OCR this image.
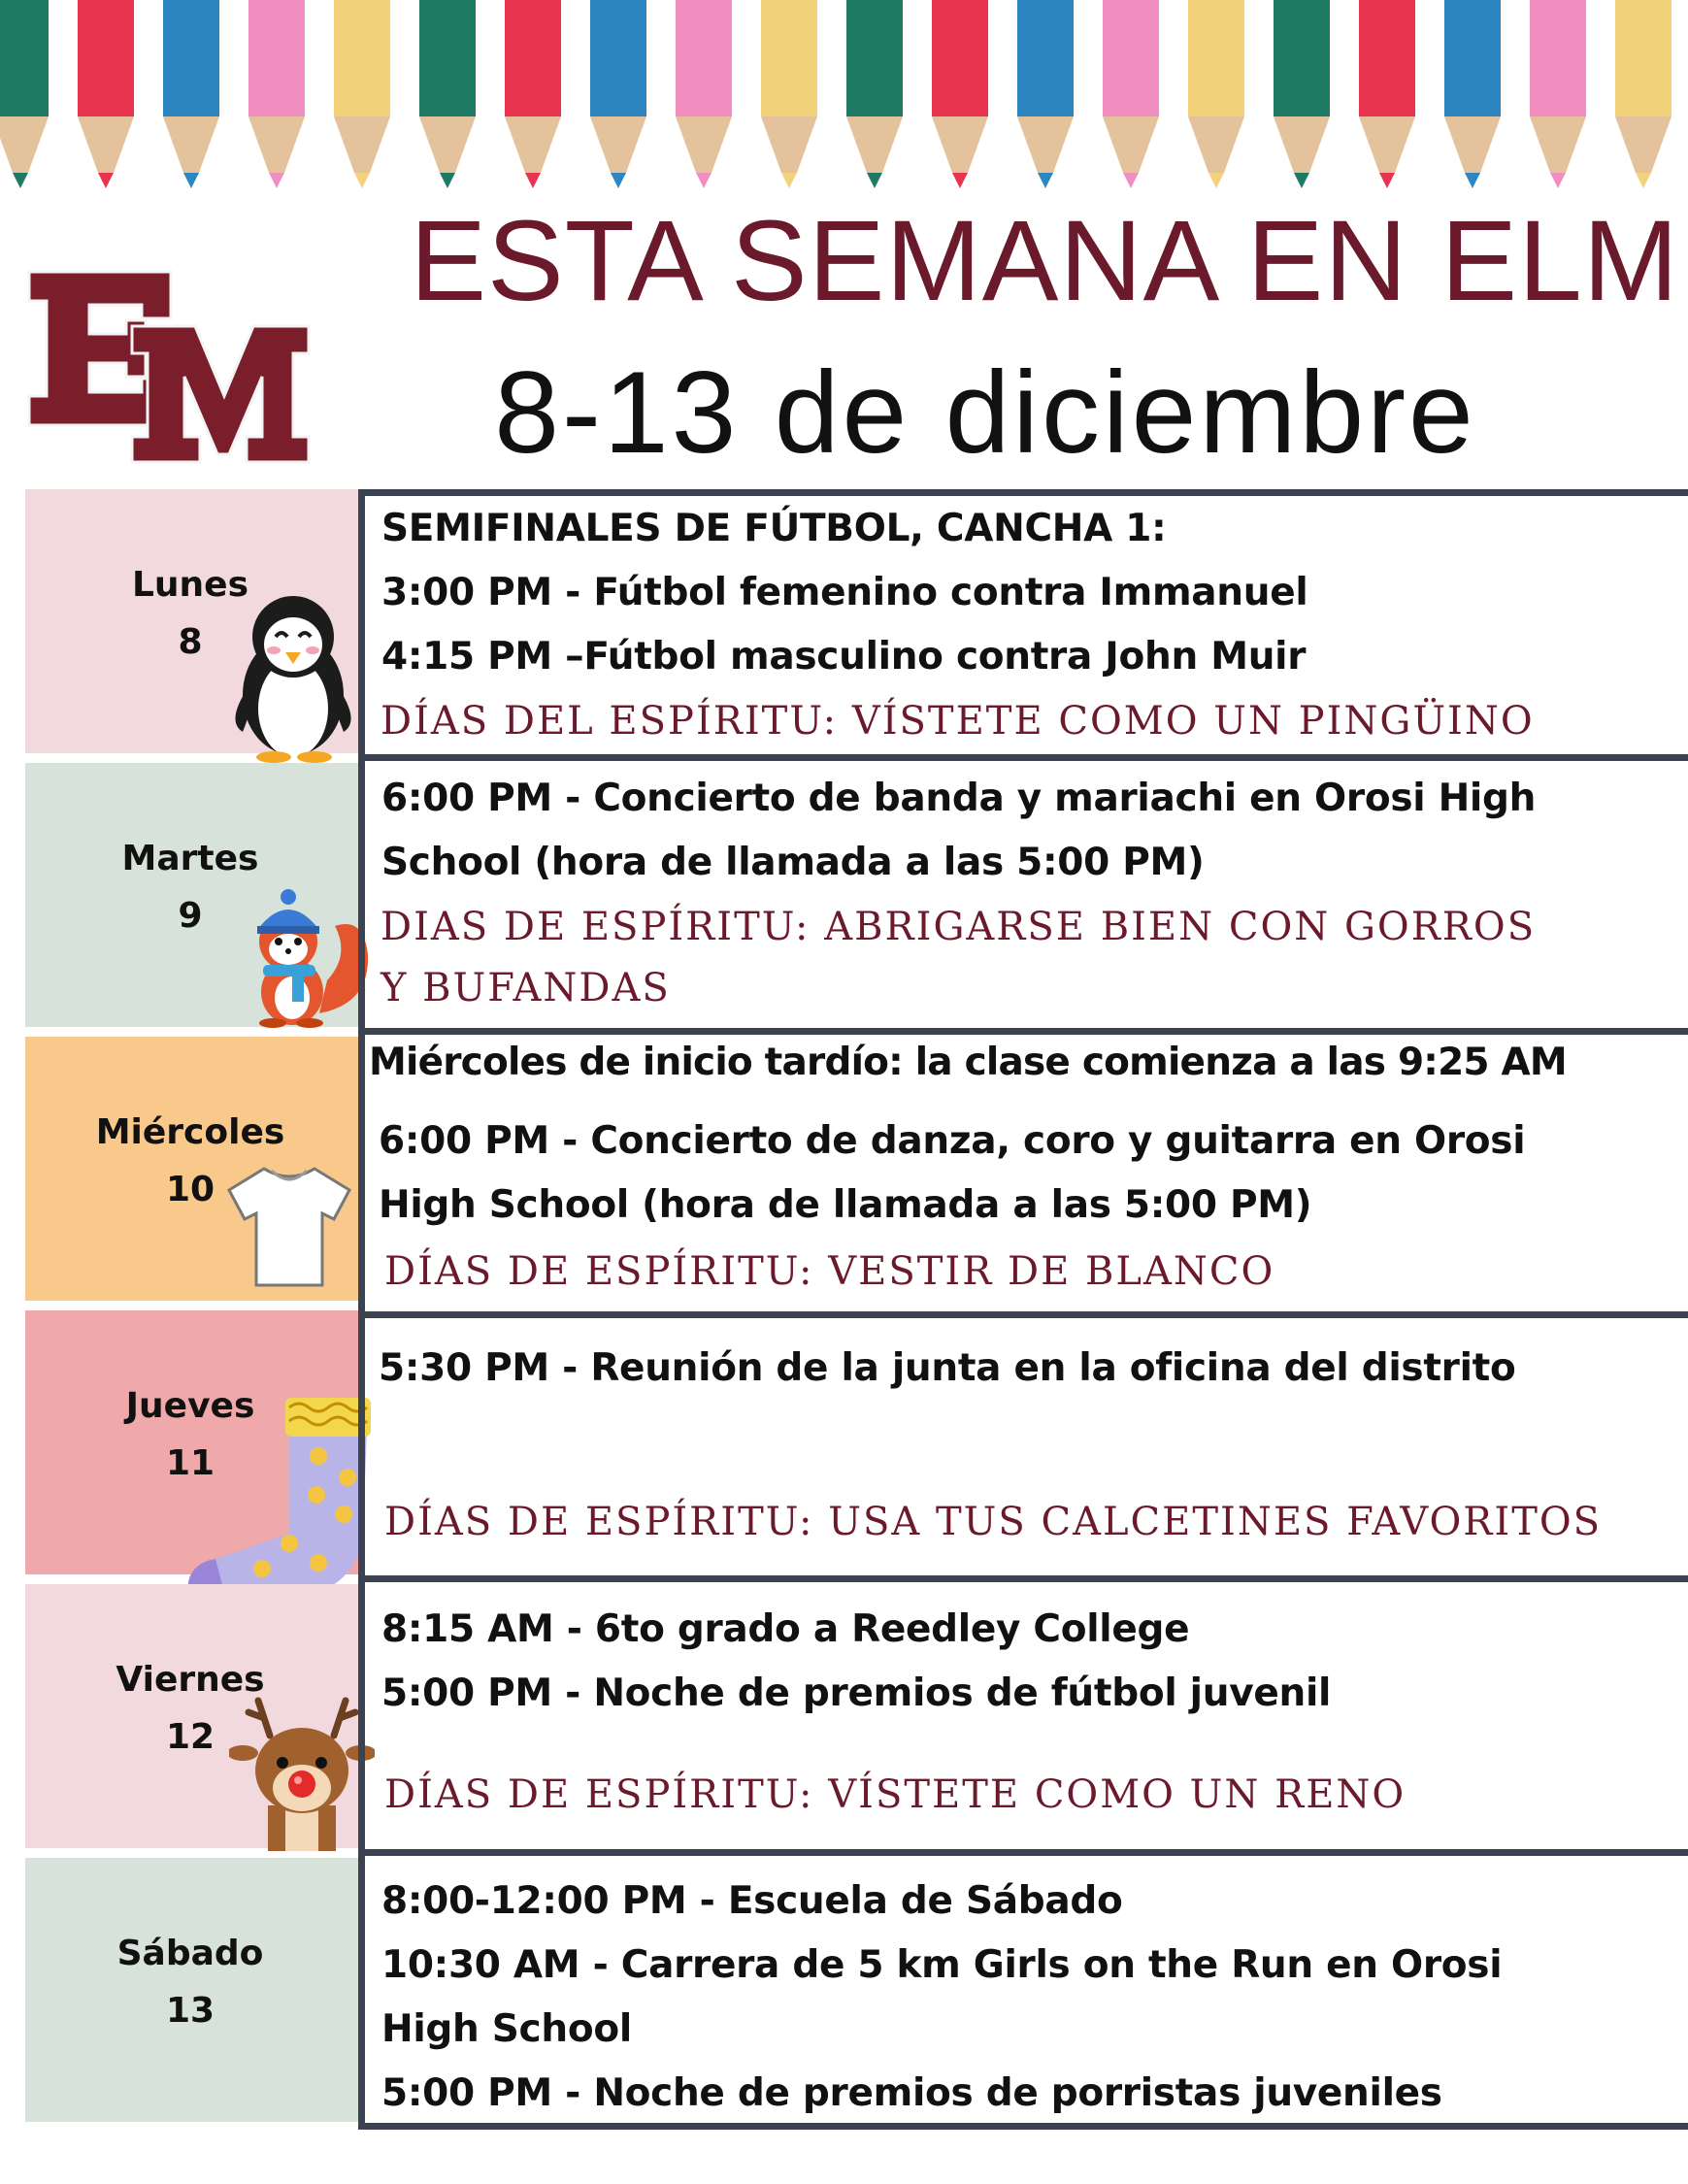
ESTA SEMANA EN ELM
8-13 de diciembre
Lunes
8
Martes
9
Miércoles
10
Jueves
11
Viernes
12
Sábado
13
SEMIFINALES DE FÚTBOL, CANCHA 1:
3:00 PM - Fútbol femenino contra Immanuel
4:15 PM –Fútbol masculino contra John Muir
DÍAS DEL ESPÍRITU: VÍSTETE COMO UN PINGÜINO
6:00 PM - Concierto de banda y mariachi en Orosi High
School (hora de llamada a las 5:00 PM)
DIAS DE ESPÍRITU: ABRIGARSE BIEN CON GORROS
Y BUFANDAS
Miércoles de inicio tardío: la clase comienza a las 9:25 AM
6:00 PM - Concierto de danza, coro y guitarra en Orosi
High School (hora de llamada a las 5:00 PM)
DÍAS DE ESPÍRITU: VESTIR DE BLANCO
5:30 PM - Reunión de la junta en la oficina del distrito
DÍAS DE ESPÍRITU: USA TUS CALCETINES FAVORITOS
8:15 AM - 6to grado a Reedley College
5:00 PM - Noche de premios de fútbol juvenil
DÍAS DE ESPÍRITU: VÍSTETE COMO UN RENO
8:00-12:00 PM - Escuela de Sábado
10:30 AM - Carrera de 5 km Girls on the Run en Orosi
High School
5:00 PM - Noche de premios de porristas juveniles
